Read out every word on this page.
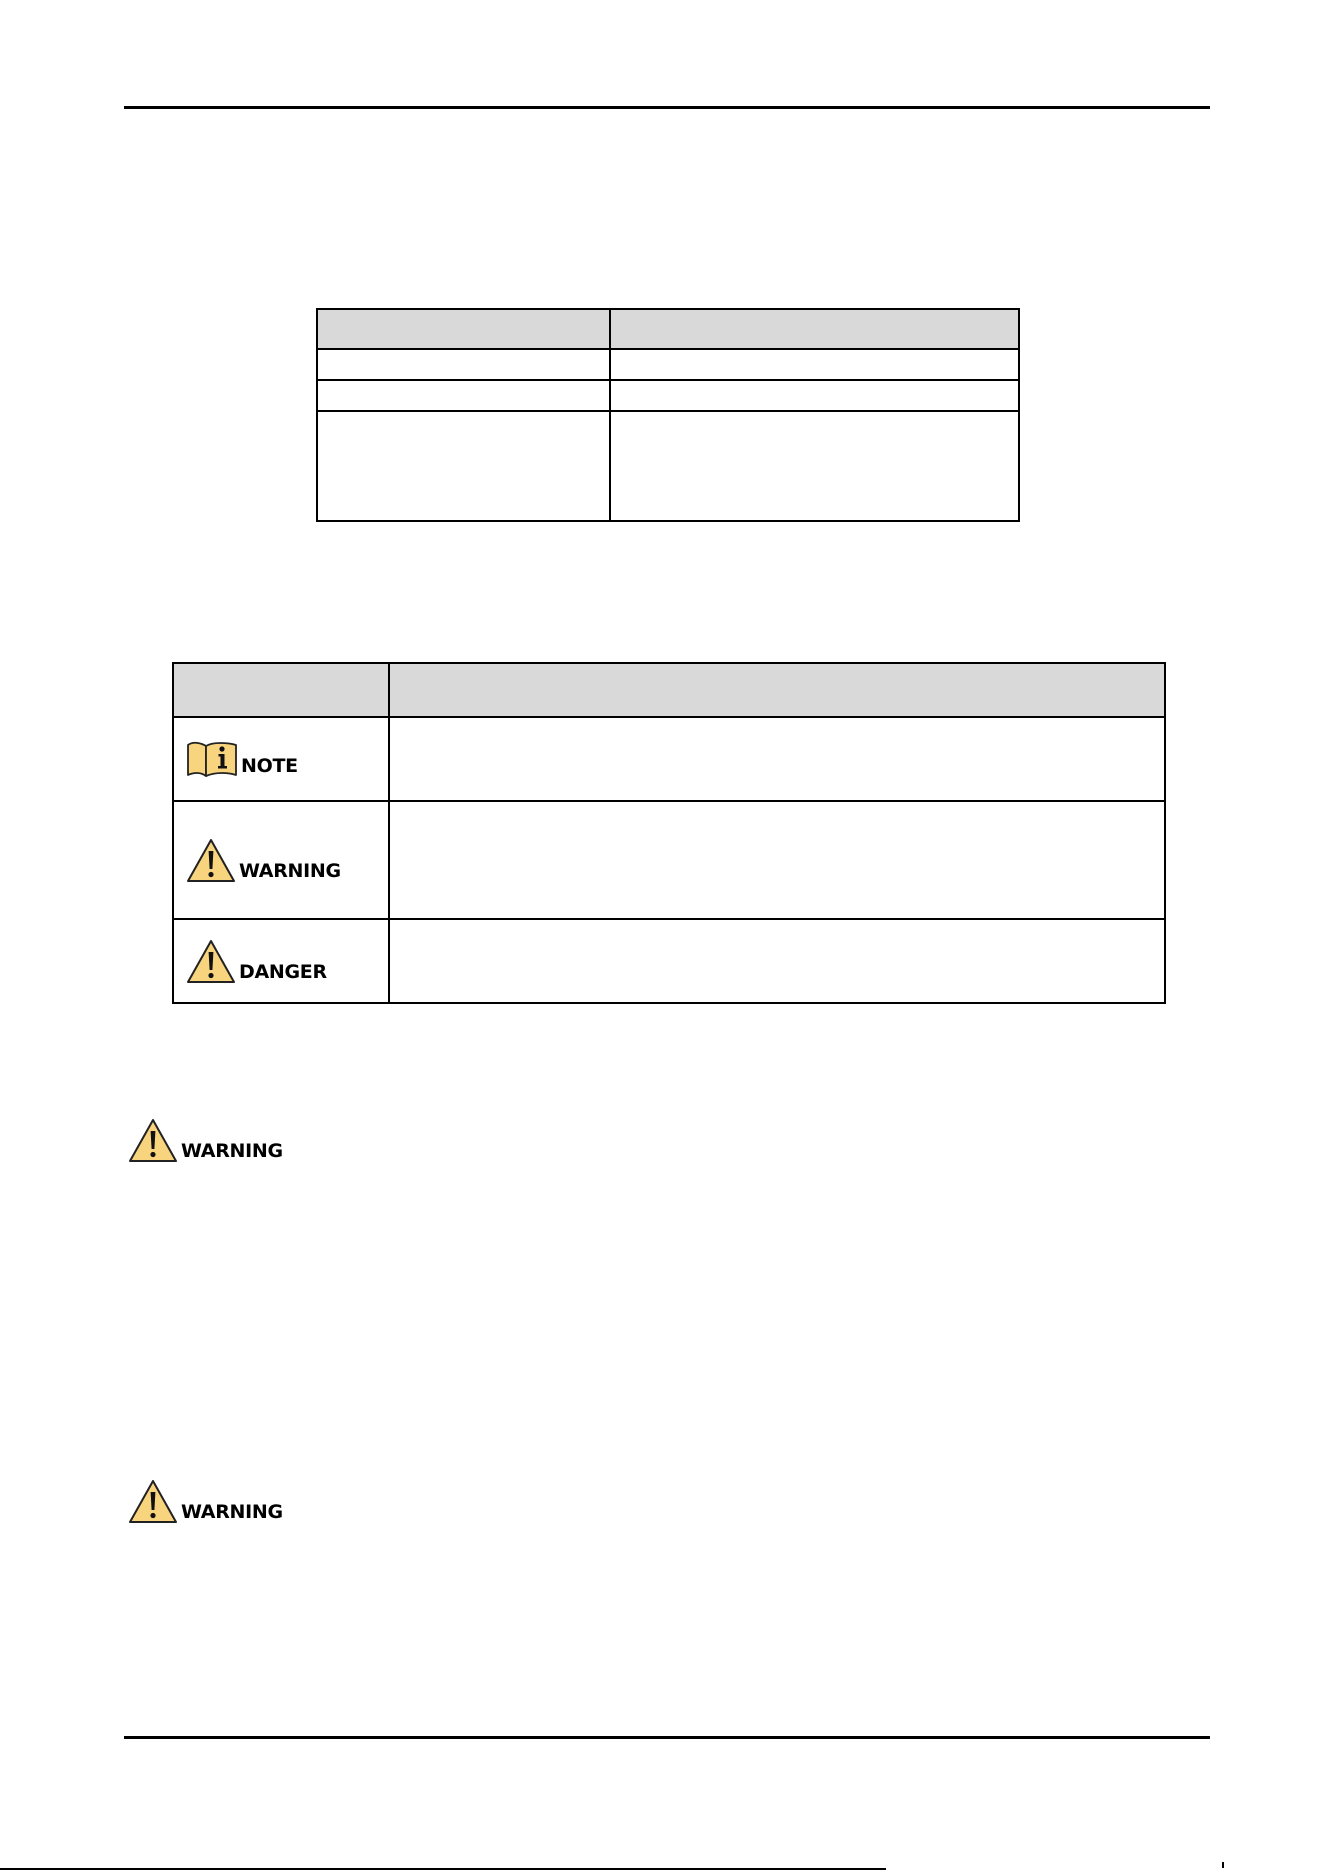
NOTE	

WARNING	

DANGER	

WARNING
WARNING
